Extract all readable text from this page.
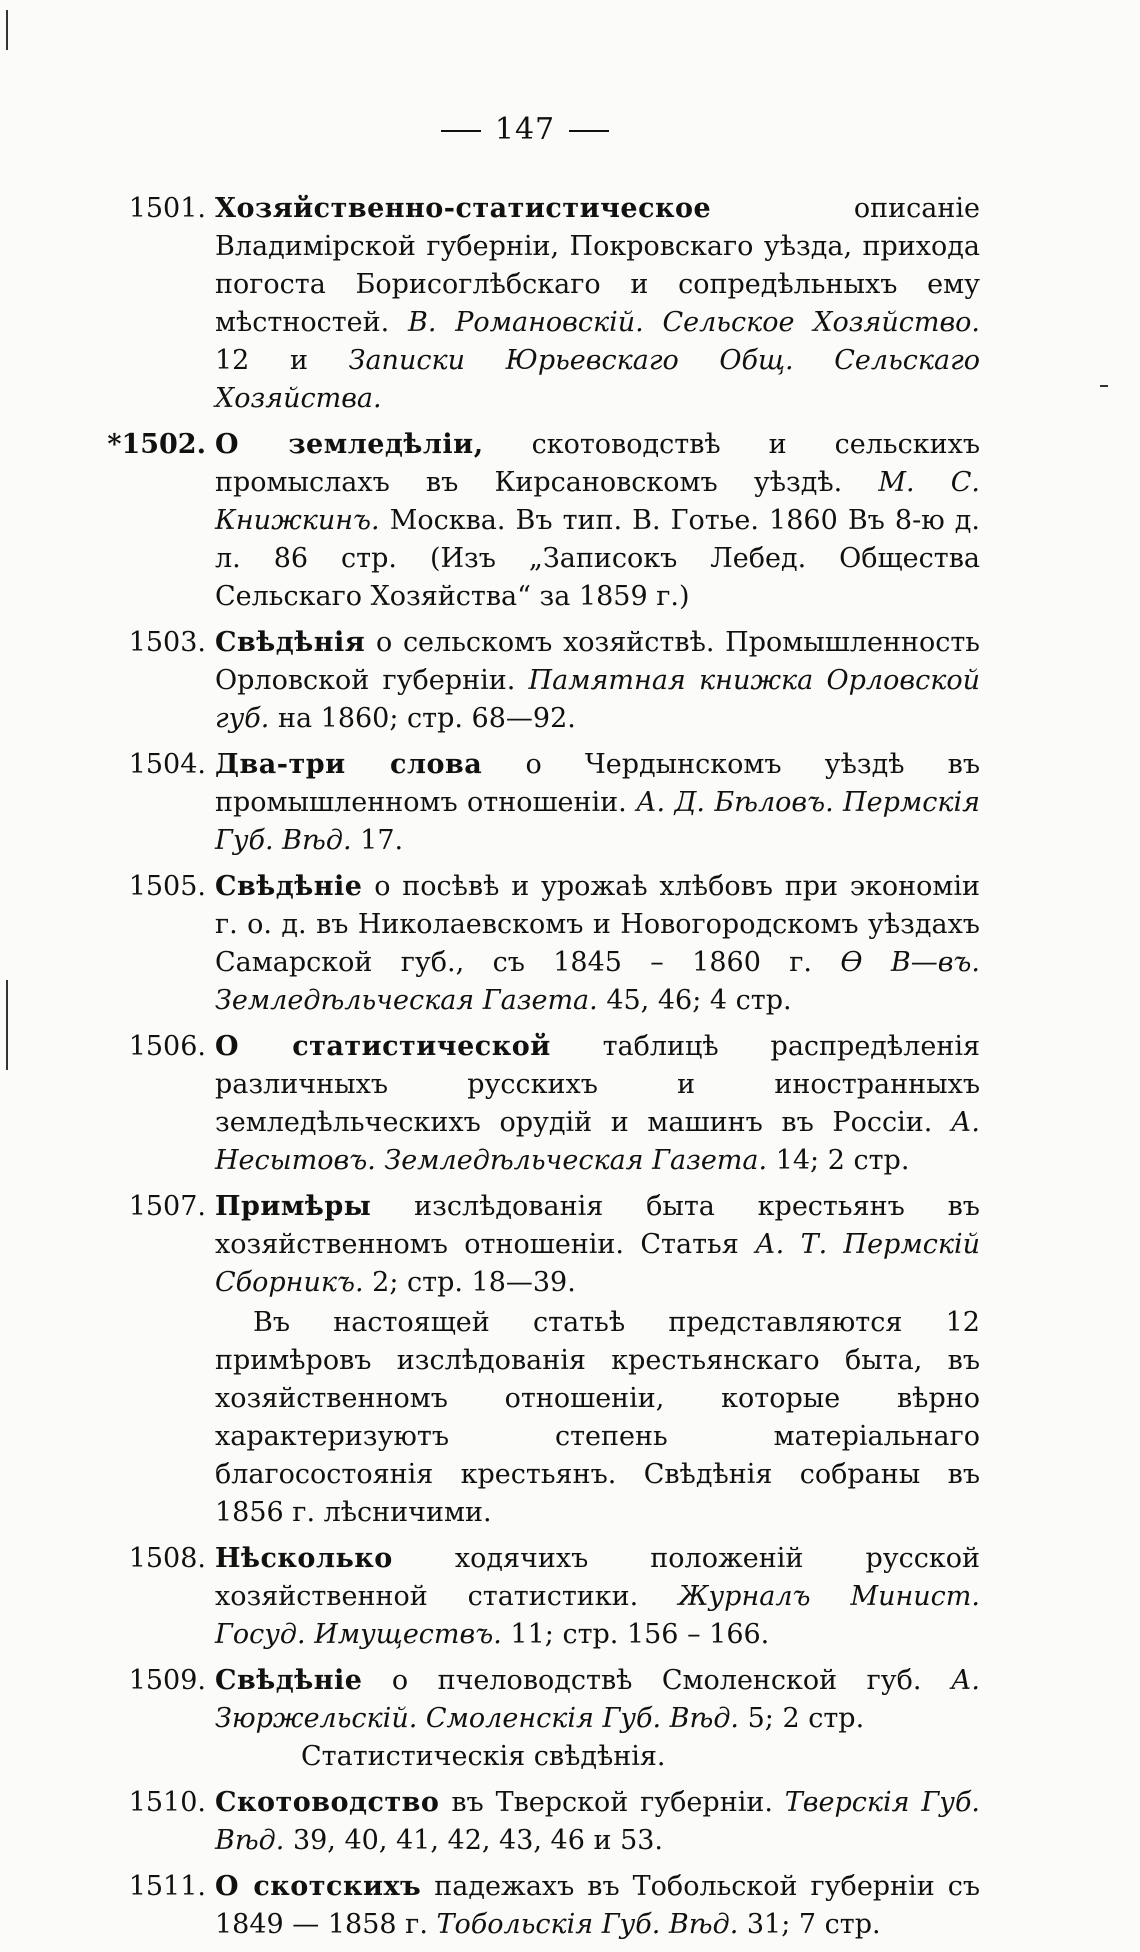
147
1501. Хозяйственно-статистическое	описаніе Владимірской губерніи, Покровскаго уѣзда, прихода погоста Борисоглѣбскаго и сопредѣльныхъ ему мѣстностей. В. Романовскій. Сельское Хозяйство. 12 и Записки Юрьевскаго Общ. Сельскаго Хозяйства.
*1502. О земледѣліи, скотоводствѣ и сельскихъ промыслахъ въ Кирсановскомъ уѣздѣ. М. С. Книжкинъ. Москва. Въ тип. В. Готье. 1860 Въ 8-ю д. л. 86 стр. (Изъ „Записокъ Лебед. Общества Сельскаго Хозяйства“ за 1859 г.)
1503. Свѣдѣнія о сельскомъ хозяйствѣ. Промышленность Орловской губерніи. Памятная книжка Орловской губ. на 1860; стр. 68—92.
1504. Два-три слова о Чердынскомъ уѣздѣ въ промышленномъ отношеніи. А. Д. Бѣловъ. Пермскія Губ. Вѣд. 17.
1505. Свѣдѣніе о посѣвѣ и урожаѣ хлѣбовъ при экономіи г. о. д. въ Николаевскомъ и Новогородскомъ уѣздахъ Самарской губ., съ 1845 – 1860 г. Ѳ В—въ. Земледѣльческая Газета. 45, 46; 4 стр.
1506. О статистической таблицѣ распредѣленія различныхъ русскихъ и иностранныхъ земледѣльческихъ орудій и машинъ въ Россіи. А. Несытовъ. Земледѣльческая Газета. 14; 2 стр.
1507. Примѣры изслѣдованія быта крестьянъ въ хозяйственномъ отношеніи. Статья А. Т. Пермскій Сборникъ. 2; стр. 18—39.
Въ настоящей статьѣ представляются 12 примѣровъ изслѣдованія крестьянскаго быта, въ хозяйственномъ отношеніи, которые вѣрно характеризуютъ степень матеріальнаго благосостоянія крестьянъ. Свѣдѣнія собраны въ 1856 г. лѣсничими.
1508. Нѣсколько ходячихъ положеній русской хозяйственной статистики. Журналъ Минист. Госуд. Имуществъ. 11; стр. 156 – 166.
1509. Свѣдѣніе о пчеловодствѣ Смоленской губ. А. Зюржельскій. Смоленскія Губ. Вѣд. 5; 2 стр.
Статистическія свѣдѣнія.
1510. Скотоводство въ Тверской губерніи. Тверскія Губ. Вѣд. 39, 40, 41, 42, 43, 46 и 53.
1511. О скотскихъ падежахъ въ Тобольской губерніи съ 1849 — 1858 г. Тобольскія Губ. Вѣд. 31; 7 стр.
